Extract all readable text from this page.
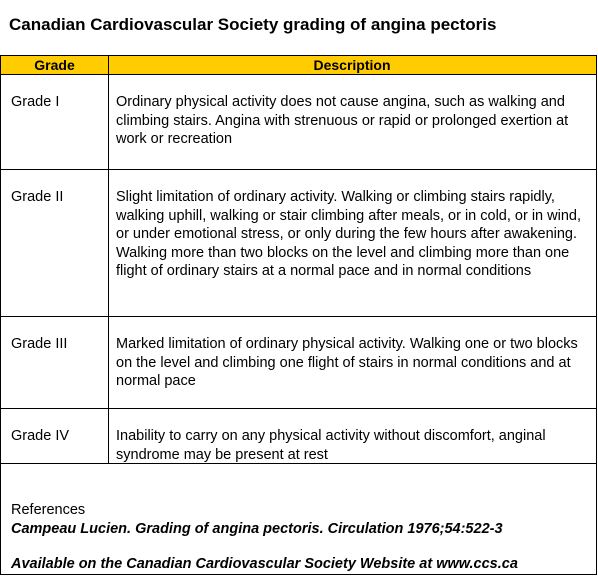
Canadian Cardiovascular Society grading of angina pectoris
Grade	Description
Grade I	Ordinary physical activity does not cause angina, such as walking and climbing stairs. Angina with strenuous or rapid or prolonged exertion at work or recreation
Grade II	Slight limitation of ordinary activity. Walking or climbing stairs rapidly, walking uphill, walking or stair climbing after meals, or in cold, or in wind, or under emotional stress, or only during the few hours after awakening. Walking more than two blocks on the level and climbing more than one flight of ordinary stairs at a normal pace and in normal conditions
Grade III	Marked limitation of ordinary physical activity. Walking one or two blocks on the level and climbing one flight of stairs in normal conditions and at normal pace
Grade IV	Inability to carry on any physical activity without discomfort, anginal syndrome may be present at rest
References
Campeau Lucien. Grading of angina pectoris. Circulation 1976;54:522-3
Available on the Canadian Cardiovascular Society Website at www.ccs.ca
